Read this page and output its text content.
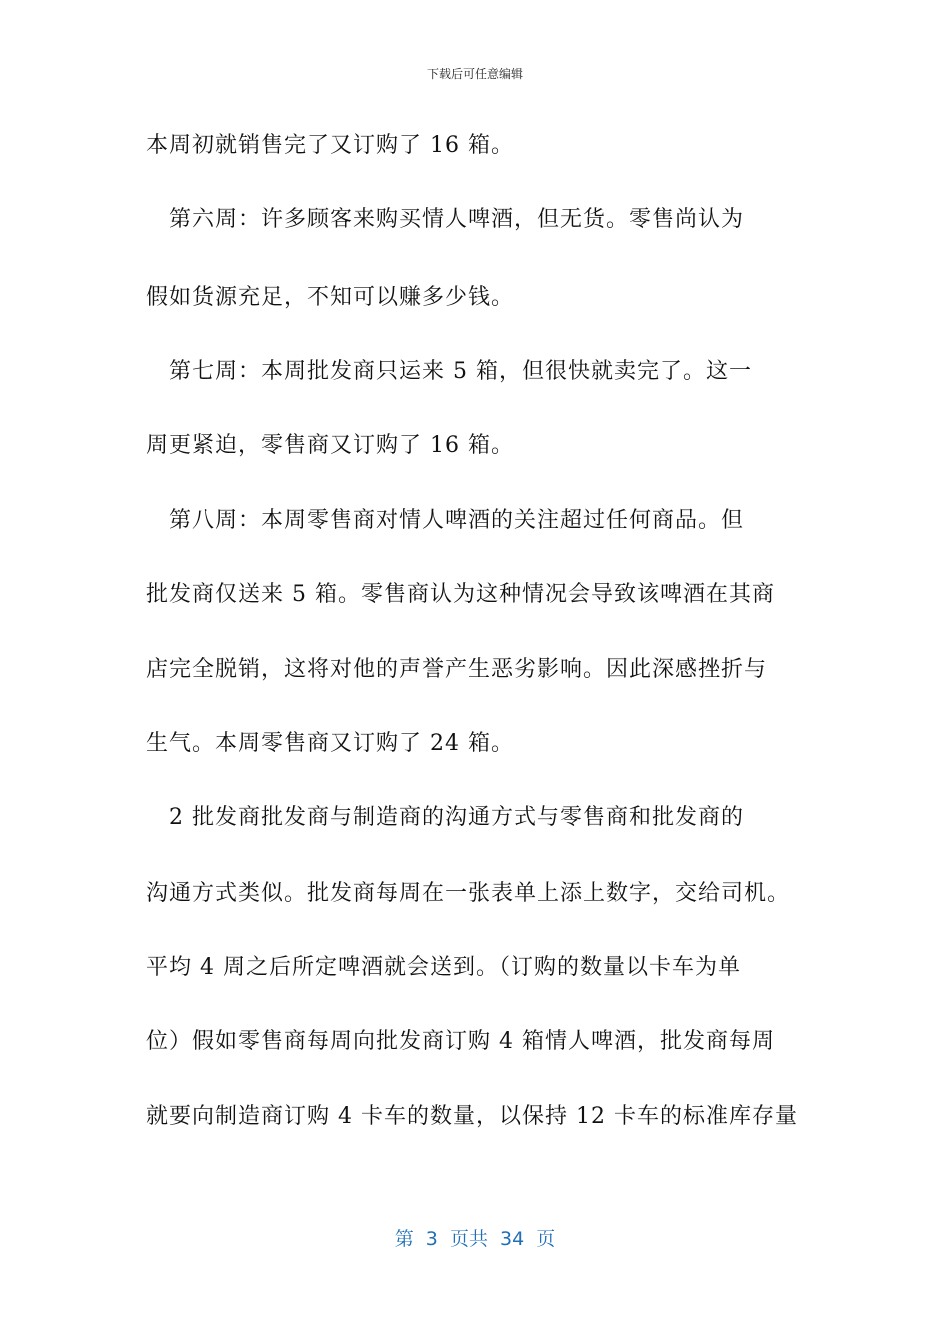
下载后可任意编辑
本周初就销售完了又订购了 16 箱。
　第六周：许多顾客来购买情人啤酒，但无货。零售尚认为
假如货源充足，不知可以赚多少钱。
　第七周：本周批发商只运来 5 箱，但很快就卖完了。这一
周更紧迫，零售商又订购了 16 箱。
　第八周：本周零售商对情人啤酒的关注超过任何商品。但
批发商仅送来 5 箱。零售商认为这种情况会导致该啤酒在其商
店完全脱销，这将对他的声誉产生恶劣影响。因此深感挫折与
生气。本周零售商又订购了 24 箱。
　2 批发商批发商与制造商的沟通方式与零售商和批发商的
沟通方式类似。批发商每周在一张表单上添上数字，交给司机。
平均 4 周之后所定啤酒就会送到。（订购的数量以卡车为单
位）假如零售商每周向批发商订购 4 箱情人啤酒，批发商每周
就要向制造商订购 4 卡车的数量，以保持 12 卡车的标准库存量
第  3  页共  34  页
